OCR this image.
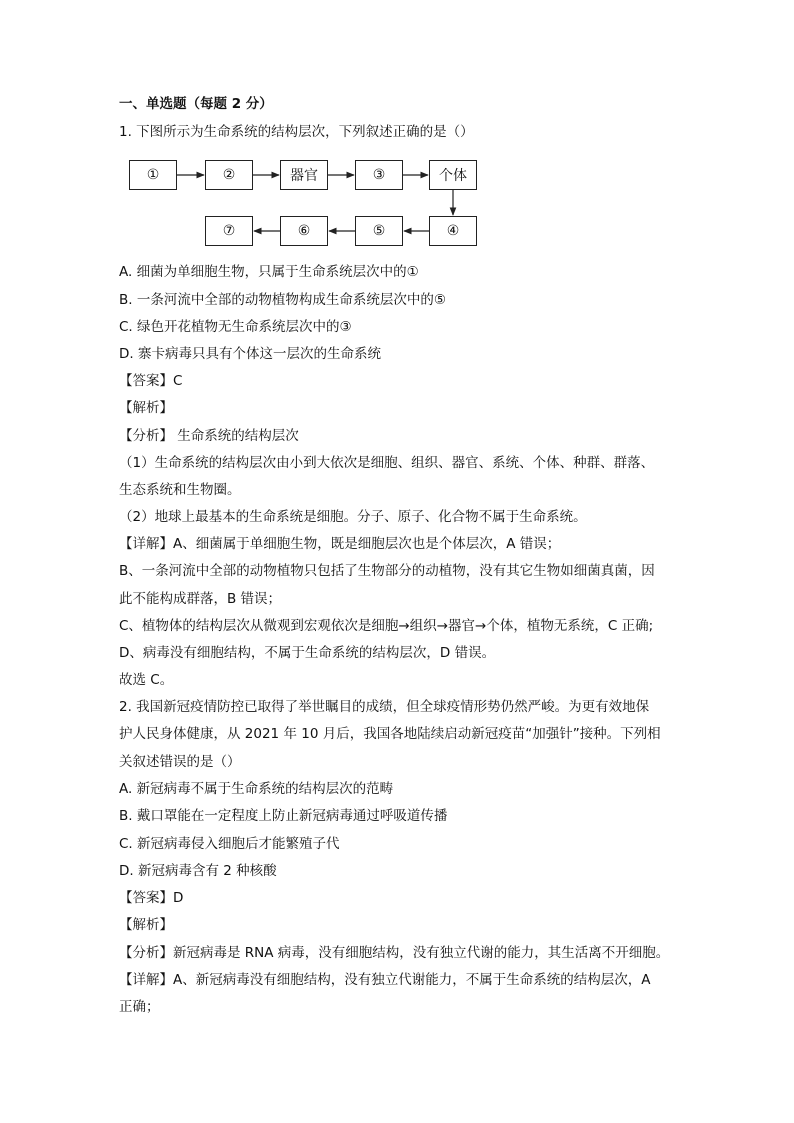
一、单选题（每题 2 分）
1. 下图所示为生命系统的结构层次，下列叙述正确的是（）
①	②	器官	③	个体
⑦	⑥	⑤	④
A. 细菌为单细胞生物，只属于生命系统层次中的①
B. 一条河流中全部的动物植物构成生命系统层次中的⑤
C. 绿色开花植物无生命系统层次中的③
D. 寨卡病毒只具有个体这一层次的生命系统
【答案】C
【解析】
【分析】 生命系统的结构层次
（1）生命系统的结构层次由小到大依次是细胞、组织、器官、系统、个体、种群、群落、
生态系统和生物圈。
（2）地球上最基本的生命系统是细胞。分子、原子、化合物不属于生命系统。
【详解】A、细菌属于单细胞生物，既是细胞层次也是个体层次，A 错误；
B、一条河流中全部的动物植物只包括了生物部分的动植物，没有其它生物如细菌真菌，因
此不能构成群落，B 错误；
C、植物体的结构层次从微观到宏观依次是细胞→组织→器官→个体，植物无系统，C 正确;
D、病毒没有细胞结构，不属于生命系统的结构层次，D 错误。
故选 C。
2. 我国新冠疫情防控已取得了举世瞩目的成绩，但全球疫情形势仍然严峻。为更有效地保
护人民身体健康，从 2021 年 10 月后，我国各地陆续启动新冠疫苗“加强针”接种。下列相
关叙述错误的是（）
A. 新冠病毒不属于生命系统的结构层次的范畴
B. 戴口罩能在一定程度上防止新冠病毒通过呼吸道传播
C. 新冠病毒侵入细胞后才能繁殖子代
D. 新冠病毒含有 2 种核酸
【答案】D
【解析】
【分析】新冠病毒是 RNA 病毒，没有细胞结构，没有独立代谢的能力，其生活离不开细胞。
【详解】A、新冠病毒没有细胞结构，没有独立代谢能力，不属于生命系统的结构层次，A
正确；
